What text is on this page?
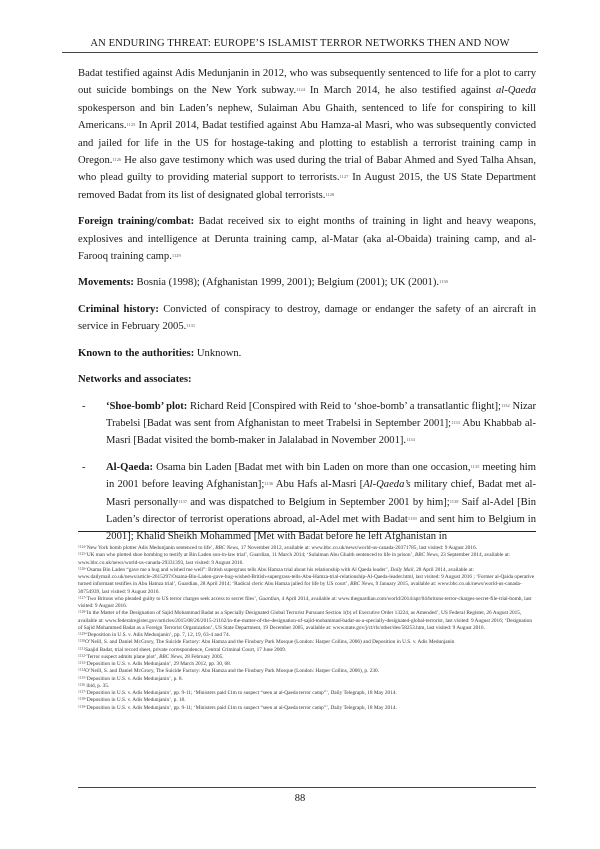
AN ENDURING THREAT: EUROPE’S ISLAMIST TERROR NETWORKS THEN AND NOW

Badat testified against Adis Medunjanin in 2012, who was subsequently sentenced to life for a plot to carry out suicide bombings on the New York subway.$^{1124}$ In March 2014, he also testified against al-Qaeda spokesperson and bin Laden’s nephew, Sulaiman Abu Ghaith, sentenced to life for conspiring to kill Americans.$^{1125}$ In April 2014, Badat testified against Abu Hamza-al Masri, who was subsequently convicted and jailed for life in the US for hostage-taking and plotting to establish a terrorist training camp in Oregon.$^{1126}$ He also gave testimony which was used during the trial of Babar Ahmed and Syed Talha Ahsan, who plead guilty to providing material support to terrorists.$^{1127}$ In August 2015, the US State Department removed Badat from its list of designated global terrorists.$^{1128}$

Foreign training/combat: Badat received six to eight months of training in light and heavy weapons, explosives and intelligence at Derunta training camp, al-Matar (aka al-Obaida) training camp, and al-Farooq training camp.$^{1129}$

Movements: Bosnia (1998); (Afghanistan 1999, 2001); Belgium (2001); UK (2001).$^{1130}$

Criminal history: Convicted of conspiracy to destroy, damage or endanger the safety of an aircraft in service in February 2005.$^{1131}$

Known to the authorities: Unknown.

Networks and associates:

- ‘Shoe-bomb’ plot: Richard Reid [Conspired with Reid to ‘shoe-bomb’ a transatlantic flight];$^{1132}$ Nizar Trabelsi [Badat was sent from Afghanistan to meet Trabelsi in September 2001];$^{1133}$ Abu Khabbab al-Masri [Badat visited the bomb-maker in Jalalabad in November 2001].$^{1134}$
- Al-Qaeda: Osama bin Laden [Badat met with bin Laden on more than one occasion,$^{1135}$ meeting him in 2001 before leaving Afghanistan];$^{1136}$ Abu Hafs al-Masri [Al-Qaeda’s military chief, Badat met al-Masri personally$^{1137}$ and was dispatched to Belgium in September 2001 by him];$^{1138}$ Saif al-Adel [Bin Laden’s director of terrorist operations abroad, al-Adel met with Badat$^{1139}$ and sent him to Belgium in 2001]; Khalid Sheikh Mohammed [Met with Badat before he left Afghanistan in
$^{1124}$‘New York bomb plotter Adis Medunjanin sentenced to life’, BBC News, 17 November 2012, available at: www.bbc.co.uk/news/world-us-canada-20371785, last visited: 9 August 2016.
$^{1125}$‘UK man who plotted shoe bombing to testify at Bin Laden son-in-law trial’, Guardian, 11 March 2014; ‘Sulaiman Abu Ghaith sentenced to life in prison’, BBC News, 23 September 2014, available at: www.bbc.co.uk/news/world-us-canada-29331393, last visited: 9 August 2016.
$^{1126}$‘Osama Bin Laden “gave me a hug and wished me well”: British supergrass tells Abu Hamza trial about his relationship with Al Qaeda leader’, Daily Mail, 28 April 2014, available at: www.dailymail.co.uk/news/article-2615297/Osama-Bin-Laden-gave-hug-wished-British-supergrass-tells-Abu-Hamza-trial-relationship-Al-Qaeda-leader.html, last visited: 9 August 2016 ; ‘Former al-Qaida operative turned informant testifies in Abu Hamza trial’, Guardian, 28 April 2014; ‘Radical cleric Abu Hamza jailed for life by US court’, BBC News, 9 January 2015, available at: www.bbc.co.uk/news/world-us-canada-30754939, last visited: 9 August 2016.
$^{1127}$‘Two Britons who pleaded guilty to US terror charges seek access to secret files’, Guardian, 4 April 2014, available at: www.theguardian.com/world/2014/apr/04/britons-terror-charges-secret-file-trial-bomb, last visited: 9 August 2016.
$^{1128}$‘In the Matter of the Designation of Sajid Mohammad Badat as a Specially Designated Global Terrorist Pursuant Section 1(b) of Executive Order 13224, as Amended’, US Federal Register, 26 August 2015, available at: www.federalregister.gov/articles/2015/08/26/2015-21162/in-the-matter-of-the-designation-of-sajid-mohammad-badat-as-a-specially-designated-global-terrorist, last visited: 9 August 2016; ‘Designation of Sajid Mohammed Badat as a Foreign Terrorist Organization’, US State Department, 19 December 2005, available at: www.state.gov/j/ct/rls/other/des/58253.htm, last visited: 9 August 2016.
$^{1129}$“Deposition in U.S. v. Adis Medunjanin’, pp. 7, 12, 19, 63-4 and 74.
$^{1130}$O’Neill, S. and Daniel McGrory, The Suicide Factory: Abu Hamza and the Finsbury Park Mosque (London: Harper Collins, 2006) and Deposition in U.S. v. Adis Medunjanin
$^{1131}$Saajid Badat, trial record sheet, private correspondence, Central Criminal Court, 17 June 2009.
$^{1132}$‘Terror suspect admits plane plot’, BBC News, 28 February 2005.
$^{1133}$‘Deposition in U.S. v. Adis Medunjanin’, 29 March 2012, pp. 30, 68.
$^{1134}$O’Neill, S. and Daniel McGrory, The Suicide Factory: Abu Hamza and the Finsbury Park Mosque (London: Harper Collins, 2006), p. 230.
$^{1135}$‘Deposition in U.S. v. Adis Medunjanin’, p. 8.
$^{1136}$ ibid, p. 35.
$^{1137}$‘Deposition in U.S. v. Adis Medunjanin’, pp. 9-11; ‘Ministers paid £1m to suspect “seen at al-Qaeda terror camp”’, Daily Telegraph, 18 May 2014.
$^{1138}$‘Deposition in U.S. v. Adis Medunjanin’, p. 18.
$^{1139}$‘Deposition in U.S. v. Adis Medunjanin’, pp. 9-11; ‘Ministers paid £1m to suspect “seen at al-Qaeda terror camp”’, Daily Telegraph, 18 May 2014.
88
